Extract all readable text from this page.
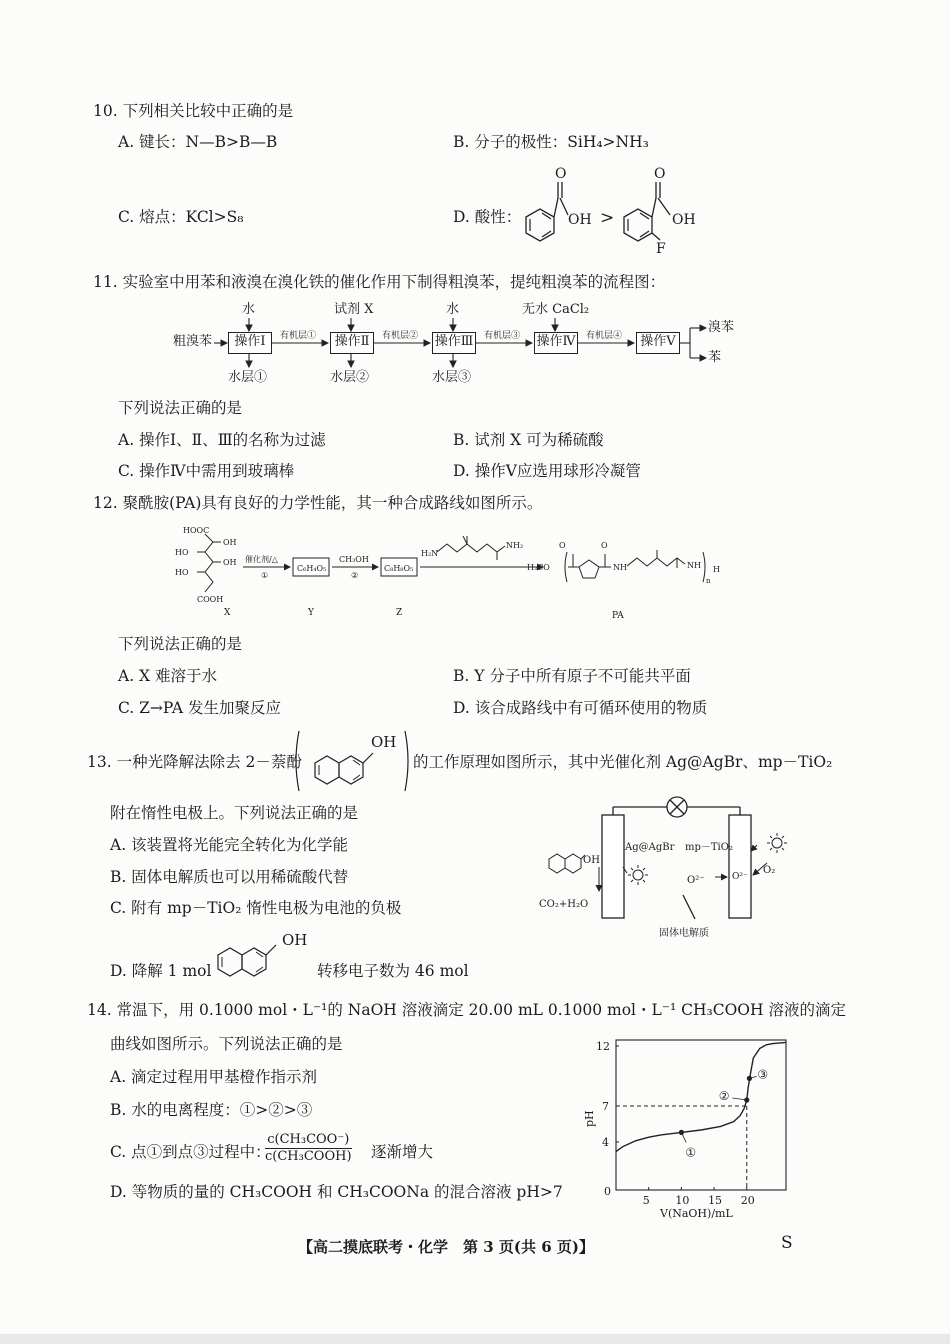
10. 下列相关比较中正确的是
A. 键长：N—B>B—B	B. 分子的极性：SiH₄>NH₃
C. 熔点：KCl>S₈	D. 酸性：
O
OH >
O
OH
F
11. 实验室中用苯和液溴在溴化铁的催化作用下制得粗溴苯，提纯粗溴苯的流程图：
粗溴苯	操作Ⅰ	操作Ⅱ	操作Ⅲ	操作Ⅳ	操作Ⅴ
水	试剂 X	水	无水 CaCl₂
有机层①	有机层②	有机层③	有机层④
水层①	水层②	水层③
溴苯
苯
下列说法正确的是
A. 操作Ⅰ、Ⅱ、Ⅲ的名称为过滤	B. 试剂 X 可为稀硫酸
C. 操作Ⅳ中需用到玻璃棒	D. 操作Ⅴ应选用球形冷凝管
12. 聚酰胺(PA)具有良好的力学性能，其一种合成路线如图所示。
HOOC
HO
HO
OH
OH
COOH
催化剂/△
①
C₆H₄O₅
CH₃OH
②
C₈H₈O₅
H₂N
NH₂
H₃CO
O	O
NH	NH
n
H
X	Y	Z	PA
下列说法正确的是
A. X 难溶于水	B. Y 分子中所有原子不可能共平面
C. Z→PA 发生加聚反应	D. 该合成路线中有可循环使用的物质
13. 一种光降解法除去 2－萘酚
OH
的工作原理如图所示，其中光催化剂 Ag@AgBr、mp－TiO₂
附在惰性电极上。下列说法正确的是
A. 该装置将光能完全转化为化学能
B. 固体电解质也可以用稀硫酸代替
C. 附有 mp－TiO₂ 惰性电极为电池的负极
D. 降解 1 mol
OH
转移电子数为 46 mol
OH
Ag@AgBr mp－TiO₂
O₂
O²⁻	O²⁻
CO₂+H₂O
固体电解质
14. 常温下，用 0.1000 mol・L⁻¹的 NaOH 溶液滴定 20.00 mL 0.1000 mol・L⁻¹ CH₃COOH 溶液的滴定
曲线如图所示。下列说法正确的是
A. 滴定过程用甲基橙作指示剂
B. 水的电离程度：①>②>③
C. 点①到点③过程中：
$\frac{\text{c(CH₃COO⁻)}}{\text{c(CH₃COOH)}}$ 逐渐增大
D. 等物质的量的 CH₃COOH 和 CH₃COONa 的混合溶液 pH>7
pH
V(NaOH)/mL
0
5 10 15 20
4
7
12
①
②
③
【高二摸底联考・化学　第 3 页(共 6 页)】	S
